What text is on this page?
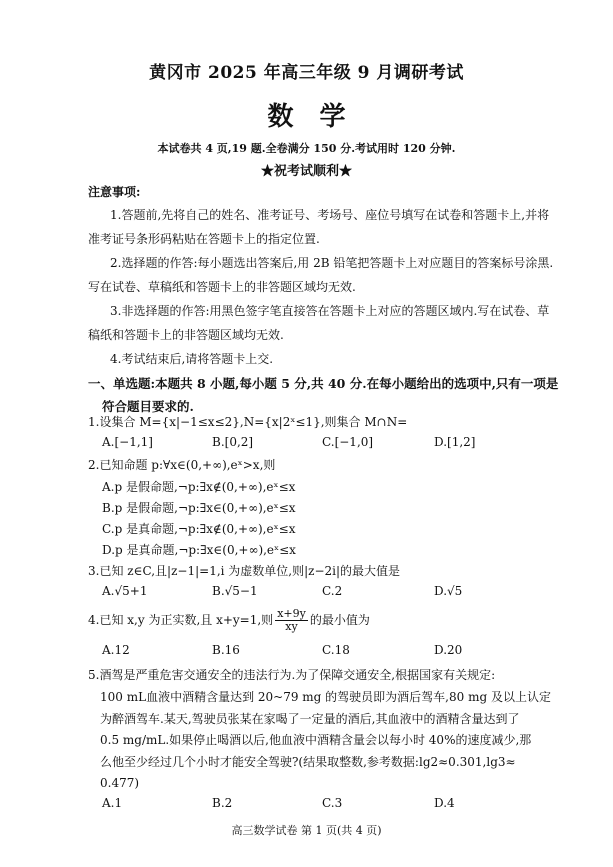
黄冈市 2025 年高三年级 9 月调研考试
数学
本试卷共 4 页,19 题.全卷满分 150 分.考试用时 120 分钟.
★祝考试顺利★
注意事项:
1.答题前,先将自己的姓名、准考证号、考场号、座位号填写在试卷和答题卡上,并将准考证号条形码粘贴在答题卡上的指定位置.
2.选择题的作答:每小题选出答案后,用 2B 铅笔把答题卡上对应题目的答案标号涂黑.写在试卷、草稿纸和答题卡上的非答题区域均无效.
3.非选择题的作答:用黑色签字笔直接答在答题卡上对应的答题区域内.写在试卷、草稿纸和答题卡上的非答题区域均无效.
4.考试结束后,请将答题卡上交.
一、单选题:本题共 8 小题,每小题 5 分,共 40 分.在每小题给出的选项中,只有一项是
符合题目要求的.
1.设集合 M={x|−1≤x≤2},N={x|2ˣ≤1},则集合 M∩N=
A.[−1,1]	B.[0,2]	C.[−1,0]	D.[1,2]
2.已知命题 p:∀x∈(0,+∞),eˣ>x,则
A.p 是假命题,¬p:∃x∉(0,+∞),eˣ≤x
B.p 是假命题,¬p:∃x∈(0,+∞),eˣ≤x
C.p 是真命题,¬p:∃x∉(0,+∞),eˣ≤x
D.p 是真命题,¬p:∃x∈(0,+∞),eˣ≤x
3.已知 z∈C,且|z−1|=1,i 为虚数单位,则|z−2i|的最大值是
A.√5+1	B.√5−1	C.2	D.√5
4.已知 x,y 为正实数,且 x+y=1,则 $\frac{x+9y}{xy}$ 的最小值为
A.12	B.16	C.18	D.20
5.酒驾是严重危害交通安全的违法行为.为了保障交通安全,根据国家有关规定:
100 mL血液中酒精含量达到 20~79 mg 的驾驶员即为酒后驾车,80 mg 及以上认定
为醉酒驾车.某天,驾驶员张某在家喝了一定量的酒后,其血液中的酒精含量达到了
0.5 mg/mL.如果停止喝酒以后,他血液中酒精含量会以每小时 40%的速度减少,那
么他至少经过几个小时才能安全驾驶?(结果取整数,参考数据:lg2≈0.301,lg3≈
0.477)
A.1	B.2	C.3	D.4
高三数学试卷 第 1 页(共 4 页)
